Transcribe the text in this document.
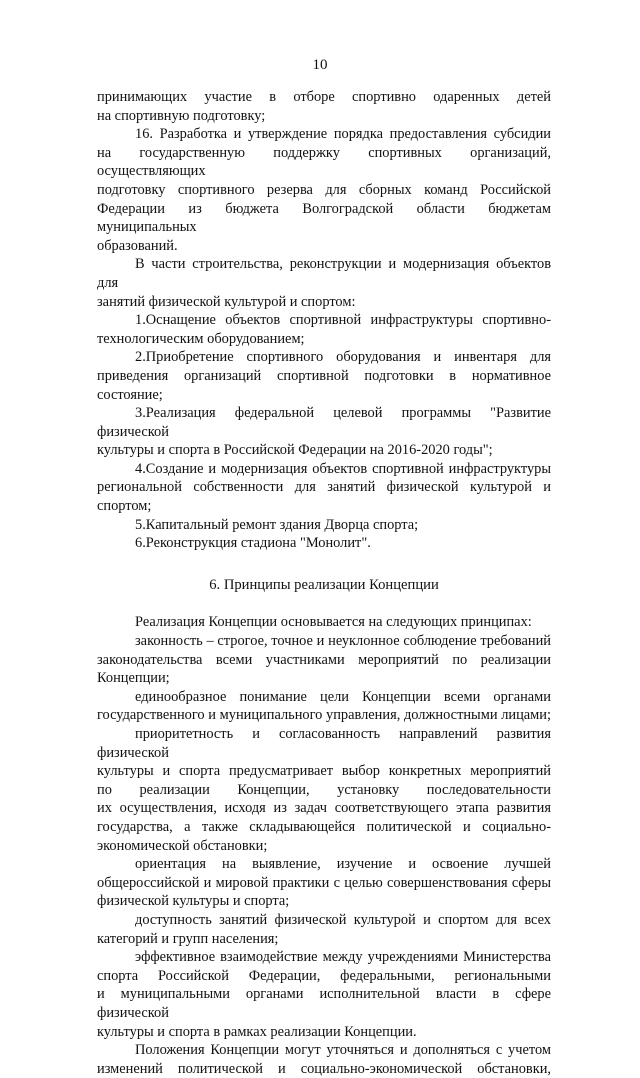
10

принимающих участие в отборе спортивно одаренных детей

на спортивную подготовку;

16. Разработка и утверждение порядка предоставления субсидии

на государственную поддержку спортивных организаций, осуществляющих

подготовку спортивного резерва для сборных команд Российской

Федерации из бюджета Волгоградской области бюджетам муниципальных

образований.

В части строительства, реконструкции и модернизация объектов для

занятий физической культурой и спортом:

1.Оснащение объектов спортивной инфраструктуры спортивно-

технологическим оборудованием;

2.Приобретение спортивного оборудования и инвентаря для

приведения организаций спортивной подготовки в нормативное состояние;

3.Реализация федеральной целевой программы "Развитие физической

культуры и спорта в Российской Федерации на 2016-2020 годы";

4.Создание и модернизация объектов спортивной инфраструктуры

региональной собственности для занятий физической культурой и спортом;

5.Капитальный ремонт здания Дворца спорта;

6.Реконструкция стадиона "Монолит".

6. Принципы реализации Концепции

Реализация Концепции основывается на следующих принципах:

законность – строгое, точное и неуклонное соблюдение требований

законодательства всеми участниками мероприятий по реализации

Концепции;

единообразное понимание цели Концепции всеми органами

государственного и муниципального управления, должностными лицами;

приоритетность и согласованность направлений развития физической

культуры и спорта предусматривает выбор конкретных мероприятий

по реализации Концепции, установку последовательности

их осуществления, исходя из задач соответствующего этапа развития

государства, а также складывающейся политической и социально-

экономической обстановки;

ориентация на выявление, изучение и освоение лучшей

общероссийской и мировой практики с целью совершенствования сферы

физической культуры и спорта;

доступность занятий физической культурой и спортом для всех

категорий и групп населения;

эффективное взаимодействие между учреждениями Министерства

спорта Российской Федерации, федеральными, региональными

и муниципальными органами исполнительной власти в сфере физической

культуры и спорта в рамках реализации Концепции.

Положения Концепции могут уточняться и дополняться с учетом

изменений политической и социально-экономической обстановки,
